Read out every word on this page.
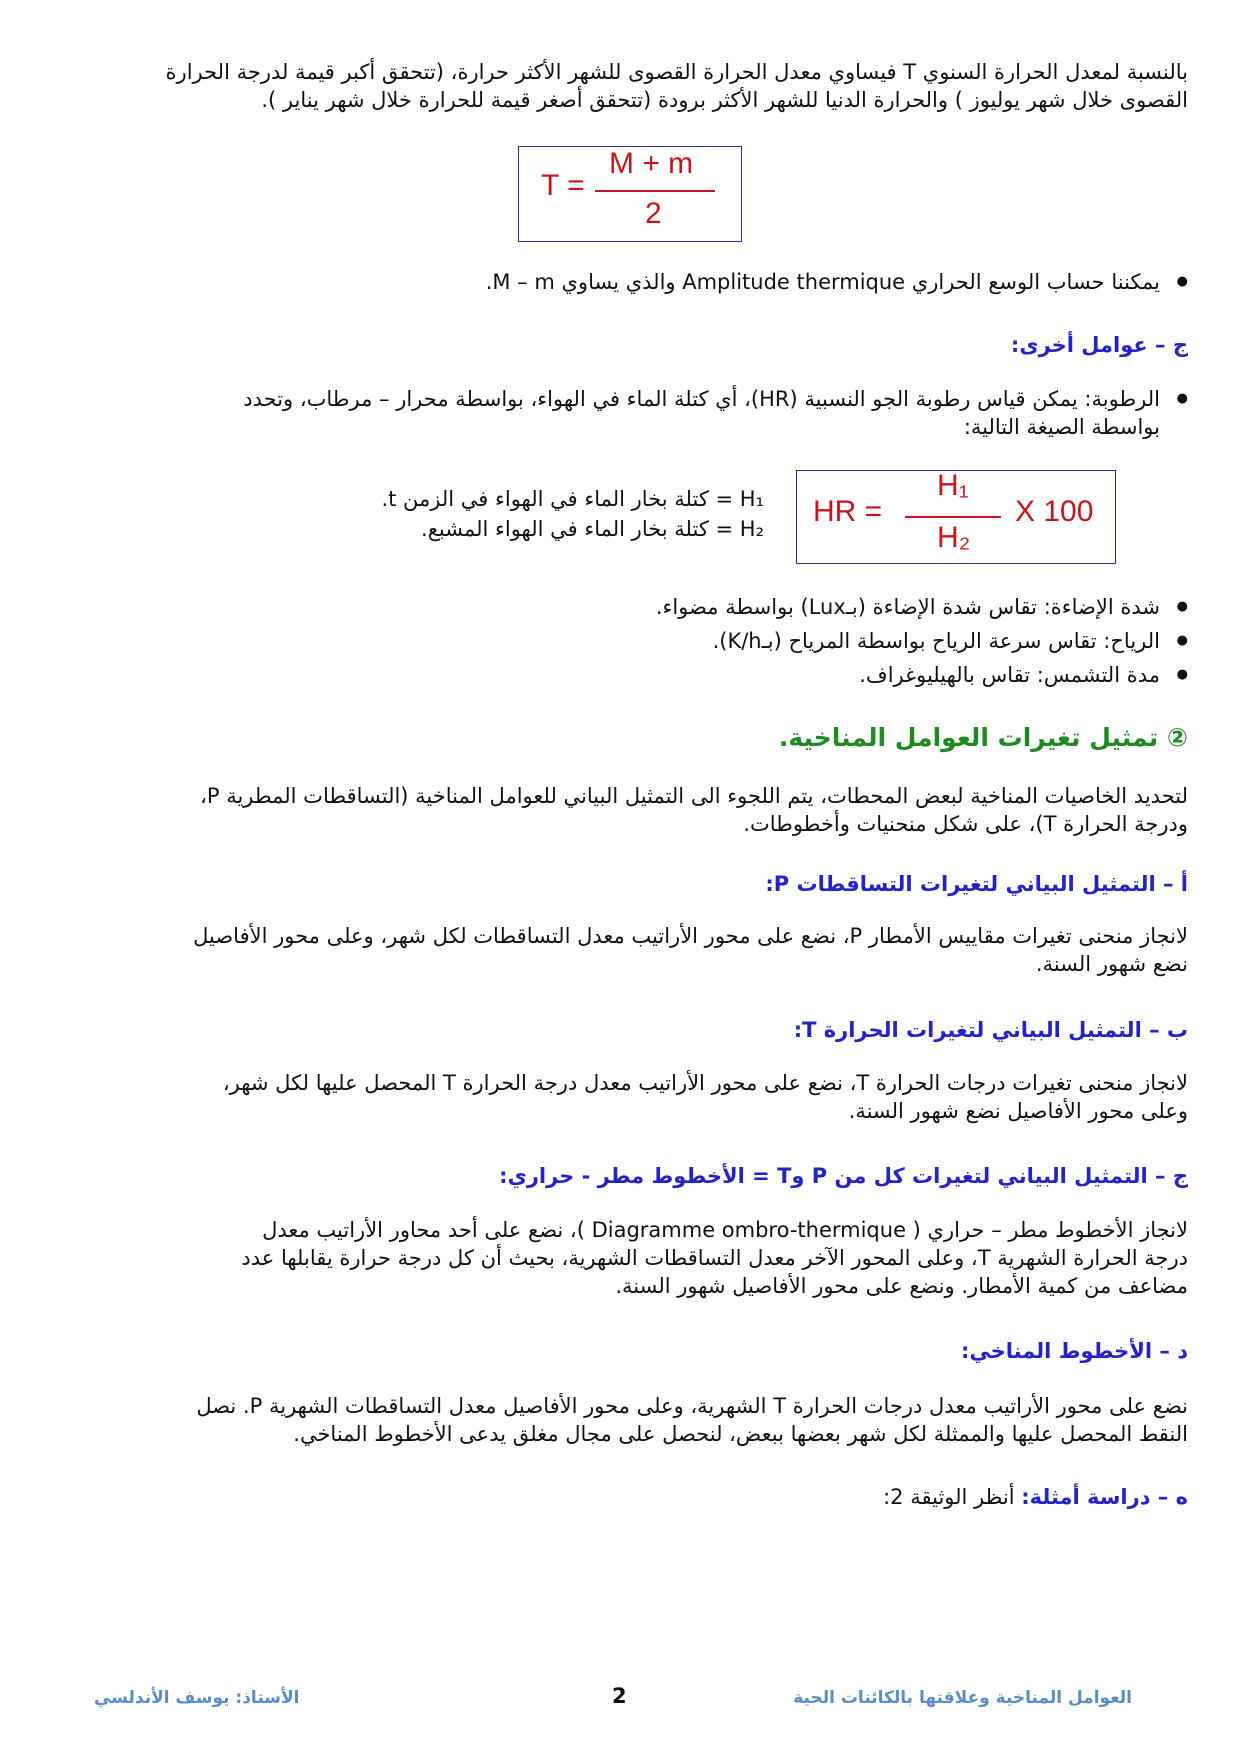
بالنسبة لمعدل الحرارة السنوي T فيساوي معدل الحرارة القصوى للشهر الأكثر حرارة، (تتحقق أكبر قيمة لدرجة الحرارة

القصوى خلال شهر يوليوز ) والحرارة الدنيا للشهر الأكثر برودة (تتحقق أصغر قيمة للحرارة خلال شهر يناير ).

T =
M + m
2
● يمكننا حساب الوسع الحراري Amplitude thermique والذي يساوي M – m.
ج – عوامل أخرى:
● الرطوبة: يمكن قياس رطوبة الجو النسبية (HR)، أي كتلة الماء في الهواء، بواسطة محرار – مرطاب، وتحدد
بواسطة الصيغة التالية:
HR =
H₁
H₂
X 100
H₁ = كتلة بخار الماء في الهواء في الزمن t.
H₂ = كتلة بخار الماء في الهواء المشبع.
● شدة الإضاءة: تقاس شدة الإضاءة (بـLux) بواسطة مضواء.
● الرياح: تقاس سرعة الرياح بواسطة المرياح (بـK/h).
● مدة التشمس: تقاس بالهيليوغراف.
② تمثيل تغيرات العوامل المناخية.

لتحديد الخاصيات المناخية لبعض المحطات، يتم اللجوء الى التمثيل البياني للعوامل المناخية (التساقطات المطرية P،

ودرجة الحرارة T)، على شكل منحنيات وأخطوطات.

أ – التمثيل البياني لتغيرات التساقطات P:

لانجاز منحنى تغيرات مقاييس الأمطار P، نضع على محور الأراتيب معدل التساقطات لكل شهر، وعلى محور الأفاصيل

نضع شهور السنة.

ب – التمثيل البياني لتغيرات الحرارة T:

لانجاز منحنى تغيرات درجات الحرارة T، نضع على محور الأراتيب معدل درجة الحرارة T المحصل عليها لكل شهر،

وعلى محور الأفاصيل نضع شهور السنة.

ج – التمثيل البياني لتغيرات كل من P وT = الأخطوط مطر - حراري:

لانجاز الأخطوط مطر – حراري ( Diagramme ombro-thermique )، نضع على أحد محاور الأراتيب معدل

درجة الحرارة الشهرية T، وعلى المحور الآخر معدل التساقطات الشهرية، بحيث أن كل درجة حرارة يقابلها عدد

مضاعف من كمية الأمطار. ونضع على محور الأفاصيل شهور السنة.

د – الأخطوط المناخي:

نضع على محور الأراتيب معدل درجات الحرارة T الشهرية، وعلى محور الأفاصيل معدل التساقطات الشهرية P. نصل

النقط المحصل عليها والممثلة لكل شهر بعضها ببعض، لنحصل على مجال مغلق يدعى الأخطوط المناخي.

ه – دراسة أمثلة: أنظر الوثيقة 2:
العوامل المناخية وعلاقتها بالكائنات الحية
2
الأستاذ: يوسف الأندلسي
